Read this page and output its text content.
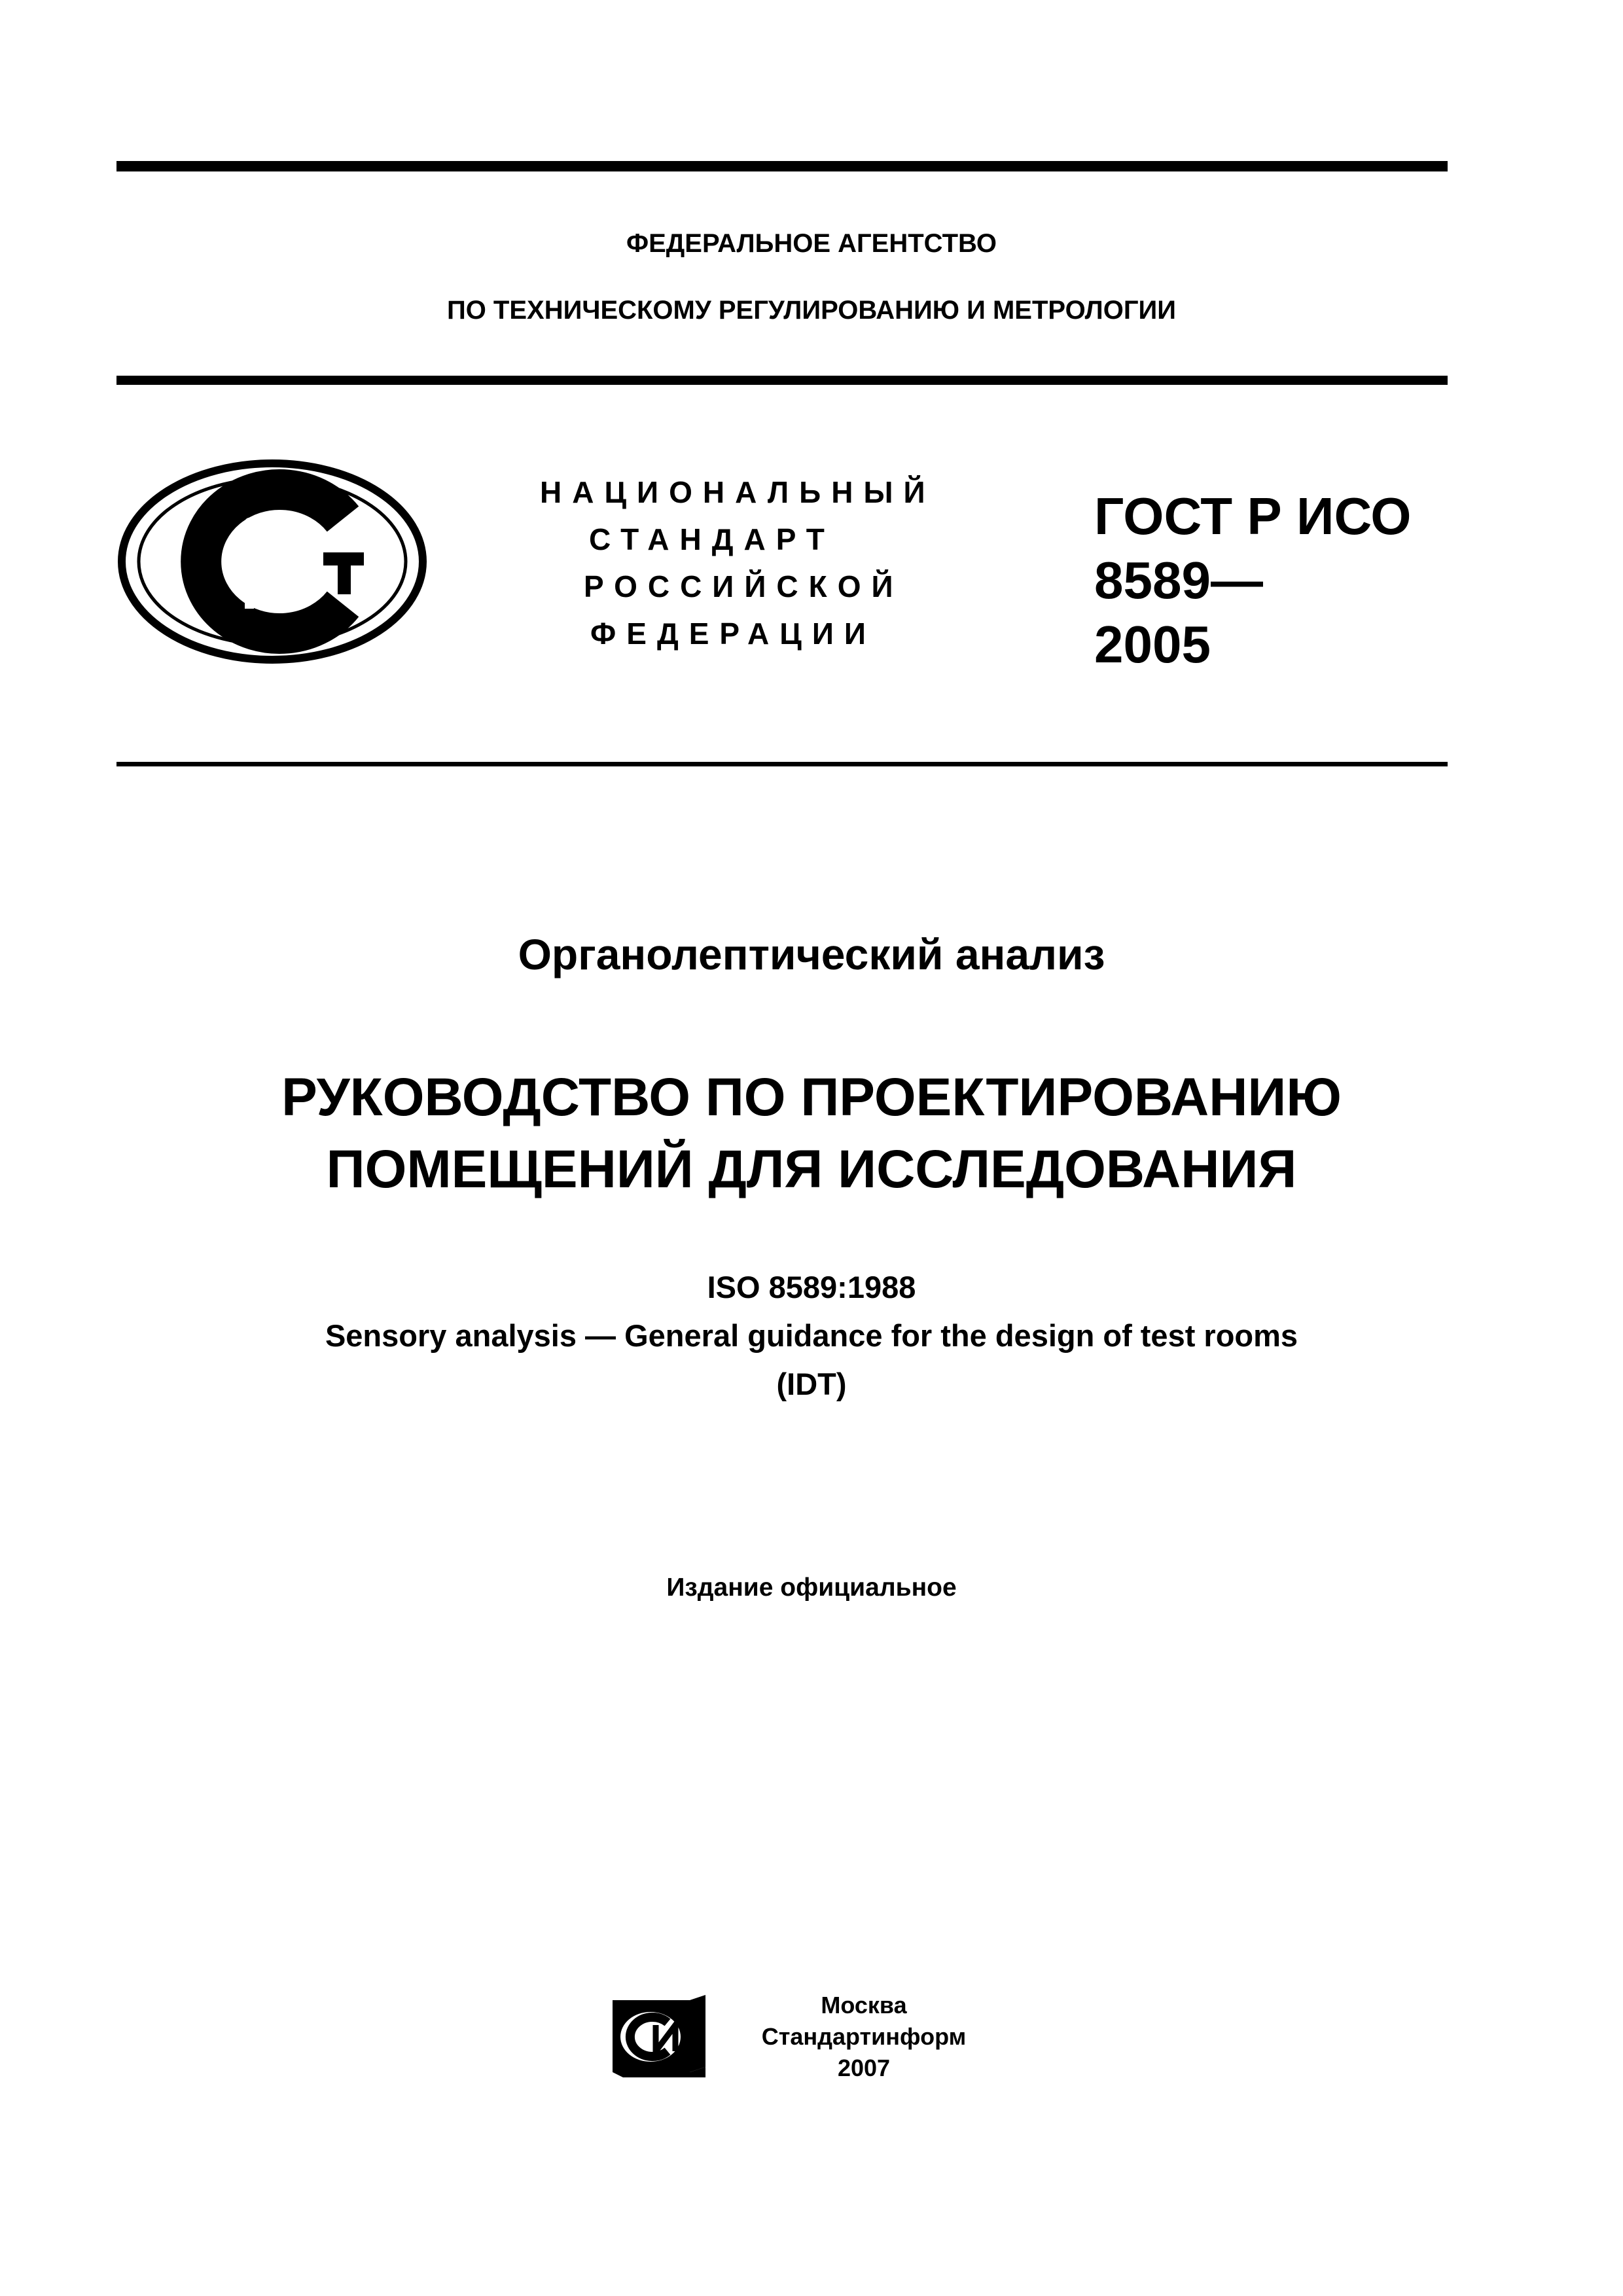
ФЕДЕРАЛЬНОЕ АГЕНТСТВО
ПО ТЕХНИЧЕСКОМУ РЕГУЛИРОВАНИЮ И МЕТРОЛОГИИ
НАЦИОНАЛЬНЫЙ
СТАНДАРТ
РОССИЙСКОЙ
ФЕДЕРАЦИИ
ГОСТ Р ИСО
8589—
2005
Органолептический анализ
РУКОВОДСТВО ПО ПРОЕКТИРОВАНИЮ
ПОМЕЩЕНИЙ ДЛЯ ИССЛЕДОВАНИЯ
ISO 8589:1988
Sensory analysis — General guidance for the design of test rooms
(IDT)
Издание официальное
Москва
Стандартинформ
2007
